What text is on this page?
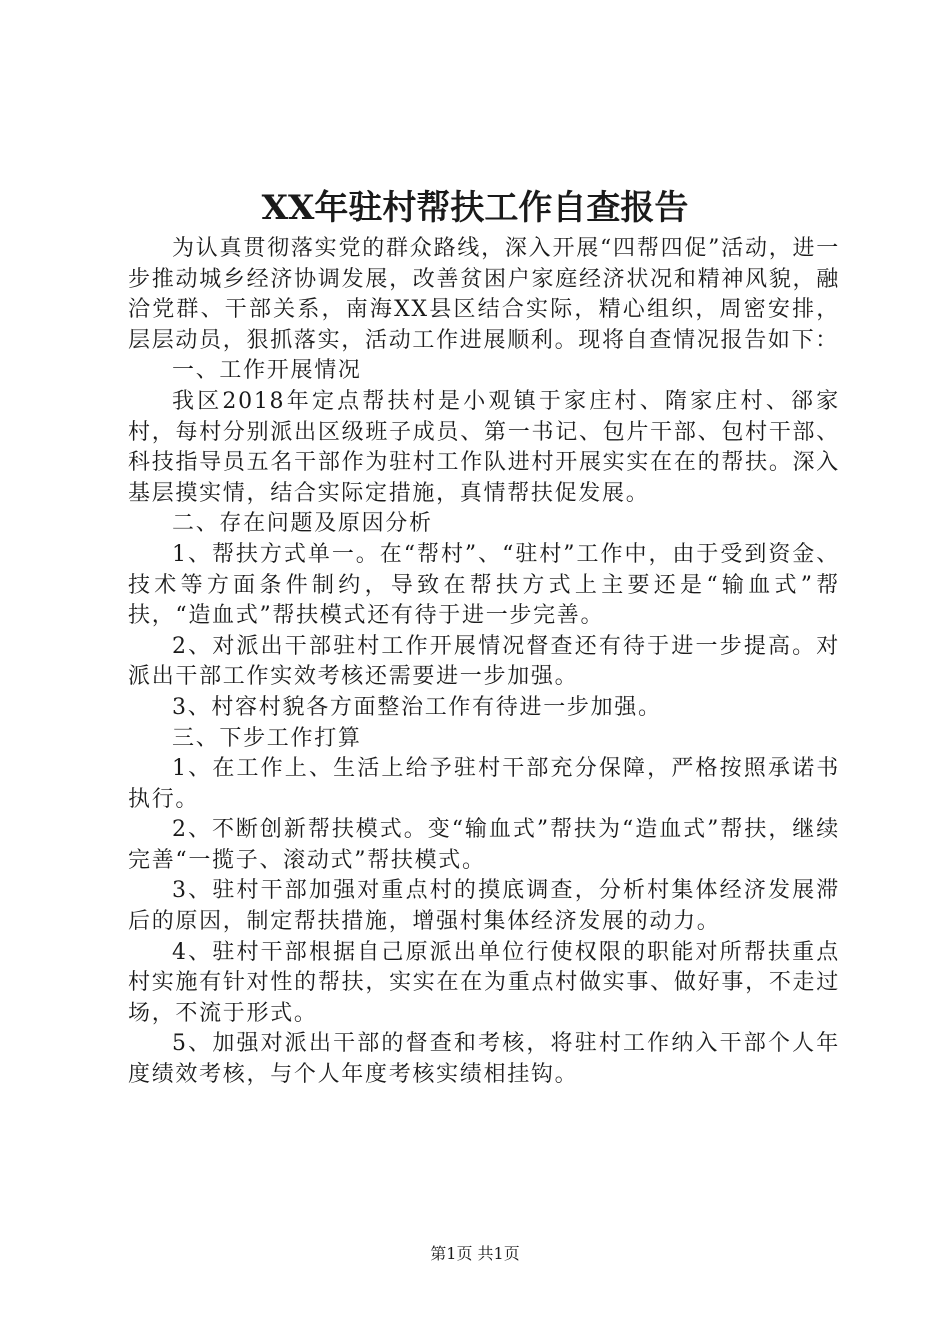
XX年驻村帮扶工作自查报告

为认真贯彻落实党的群众路线，深入开展“四帮四促”活动，进一步推动城乡经济协调发展，改善贫困户家庭经济状况和精神风貌，融洽党群、干部关系，南海XX县区结合实际，精心组织，周密安排，层层动员，狠抓落实，活动工作进展顺利。现将自查情况报告如下：

一、工作开展情况

我区2018年定点帮扶村是小观镇于家庄村、隋家庄村、郤家村，每村分别派出区级班子成员、第一书记、包片干部、包村干部、科技指导员五名干部作为驻村工作队进村开展实实在在的帮扶。深入基层摸实情，结合实际定措施，真情帮扶促发展。

二、存在问题及原因分析

1、帮扶方式单一。在“帮村”、“驻村”工作中，由于受到资金、技术等方面条件制约，导致在帮扶方式上主要还是“输血式”帮扶，“造血式”帮扶模式还有待于进一步完善。

2、对派出干部驻村工作开展情况督查还有待于进一步提高。对派出干部工作实效考核还需要进一步加强。

3、村容村貌各方面整治工作有待进一步加强。

三、下步工作打算

1、在工作上、生活上给予驻村干部充分保障，严格按照承诺书执行。

2、不断创新帮扶模式。变“输血式”帮扶为“造血式”帮扶，继续完善“一揽子、滚动式”帮扶模式。

3、驻村干部加强对重点村的摸底调查，分析村集体经济发展滞后的原因，制定帮扶措施，增强村集体经济发展的动力。

4、驻村干部根据自己原派出单位行使权限的职能对所帮扶重点村实施有针对性的帮扶，实实在在为重点村做实事、做好事，不走过场，不流于形式。

5、加强对派出干部的督查和考核，将驻村工作纳入干部个人年度绩效考核，与个人年度考核实绩相挂钩。

第1页 共1页
